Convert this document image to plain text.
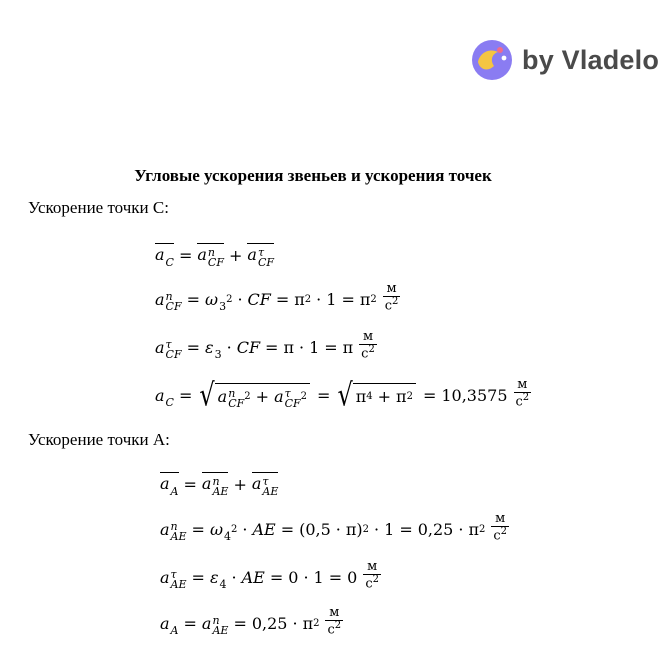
by Vladelo
Угловые ускорения звеньев и ускорения точек
Ускорение точки С:
a
C = a n
CF + a τ
CF
a n
CF = ω
3
2 · CF = π 2 · 1 = π $2 \frac{м}{с^2}$
a τ
CF = ε
3 · CF = π · 1 = π $\frac{м}{с^2}$
a
C = √ a n
CF
2 + a τ
CF
2 = √ π 4 + π $2 = 10,3575 \frac{м}{с^2}$
Ускорение точки А:
a
A = a n
AE + a τ
AE
a n
AE = ω
4
2 · AE = ( 0,5 · π) 2 · 1 = 0,25 · π $2 \frac{м}{с^2}$
a τ
AE = ε
4 · AE = $0 \cdot 1 = 0 \frac{м}{с^2}$
a
A = a n
AE = 0,25 · π $2 \frac{м}{с^2}$
